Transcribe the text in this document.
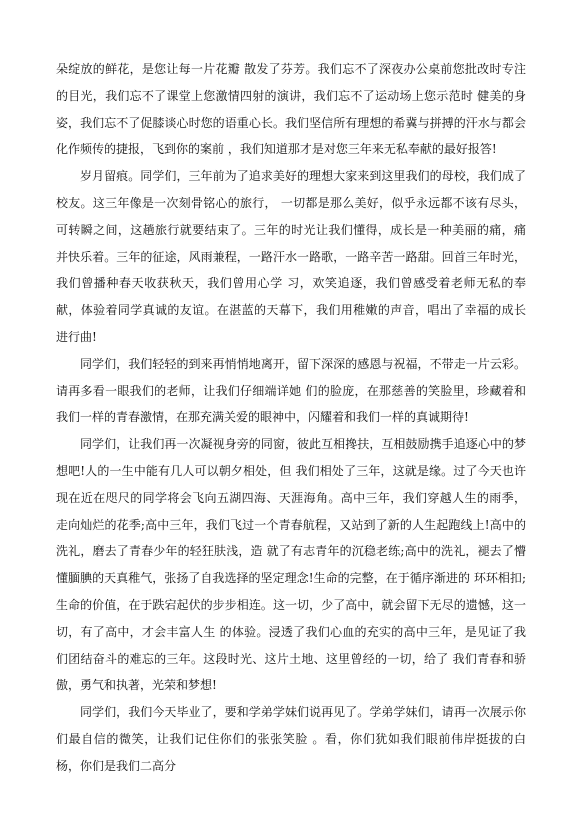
朵绽放的鲜花，是您让每一片花瓣 散发了芬芳。我们忘不了深夜办公桌前您批改时专注的目光，我们忘不了课堂上您激情四射的演讲，我们忘不了运动场上您示范时 健美的身姿，我们忘不了促膝谈心时您的语重心长。我们坚信所有理想的希冀与拼搏的汗水与都会化作频传的捷报，飞到你的案前 ，我们知道那才是对您三年来无私奉献的最好报答!

岁月留痕。同学们，三年前为了追求美好的理想大家来到这里我们的母校，我们成了校友。这三年像是一次刻骨铭心的旅行， 一切都是那么美好，似乎永远都不该有尽头，可转瞬之间，这趟旅行就要结束了。三年的时光让我们懂得，成长是一种美丽的痛，痛 并快乐着。三年的征途，风雨兼程，一路汗水一路歌，一路辛苦一路甜。回首三年时光，我们曾播种春天收获秋天，我们曾用心学 习，欢笑追逐，我们曾感受着老师无私的奉献，体验着同学真诚的友谊。在湛蓝的天幕下，我们用稚嫩的声音，唱出了幸福的成长 进行曲!

同学们，我们轻轻的到来再悄悄地离开，留下深深的感恩与祝福，不带走一片云彩。请再多看一眼我们的老师，让我们仔细端详她 们的脸庞，在那慈善的笑脸里，珍藏着和我们一样的青春激情，在那充满关爱的眼神中，闪耀着和我们一样的真诚期待!

同学们，让我们再一次凝视身旁的同窗，彼此互相搀扶，互相鼓励携手追逐心中的梦想吧!人的一生中能有几人可以朝夕相处，但 我们相处了三年，这就是缘。过了今天也许现在近在咫尺的同学将会飞向五湖四海、天涯海角。高中三年，我们穿越人生的雨季， 走向灿烂的花季;高中三年，我们飞过一个青春航程，又站到了新的人生起跑线上!高中的洗礼，磨去了青春少年的轻狂肤浅，造 就了有志青年的沉稳老练;高中的洗礼，褪去了懵懂腼腆的天真稚气，张扬了自我选择的坚定理念!生命的完整，在于循序渐进的 环环相扣;生命的价值，在于跌宕起伏的步步相连。这一切，少了高中，就会留下无尽的遗憾，这一切，有了高中，才会丰富人生 的体验。浸透了我们心血的充实的高中三年，是见证了我们团结奋斗的难忘的三年。这段时光、这片土地、这里曾经的一切，给了 我们青春和骄傲，勇气和执著，光荣和梦想!

同学们，我们今天毕业了，要和学弟学妹们说再见了。学弟学妹们，请再一次展示你们最自信的微笑，让我们记住你们的张张笑脸 。看，你们犹如我们眼前伟岸挺拔的白杨，你们是我们二高分
